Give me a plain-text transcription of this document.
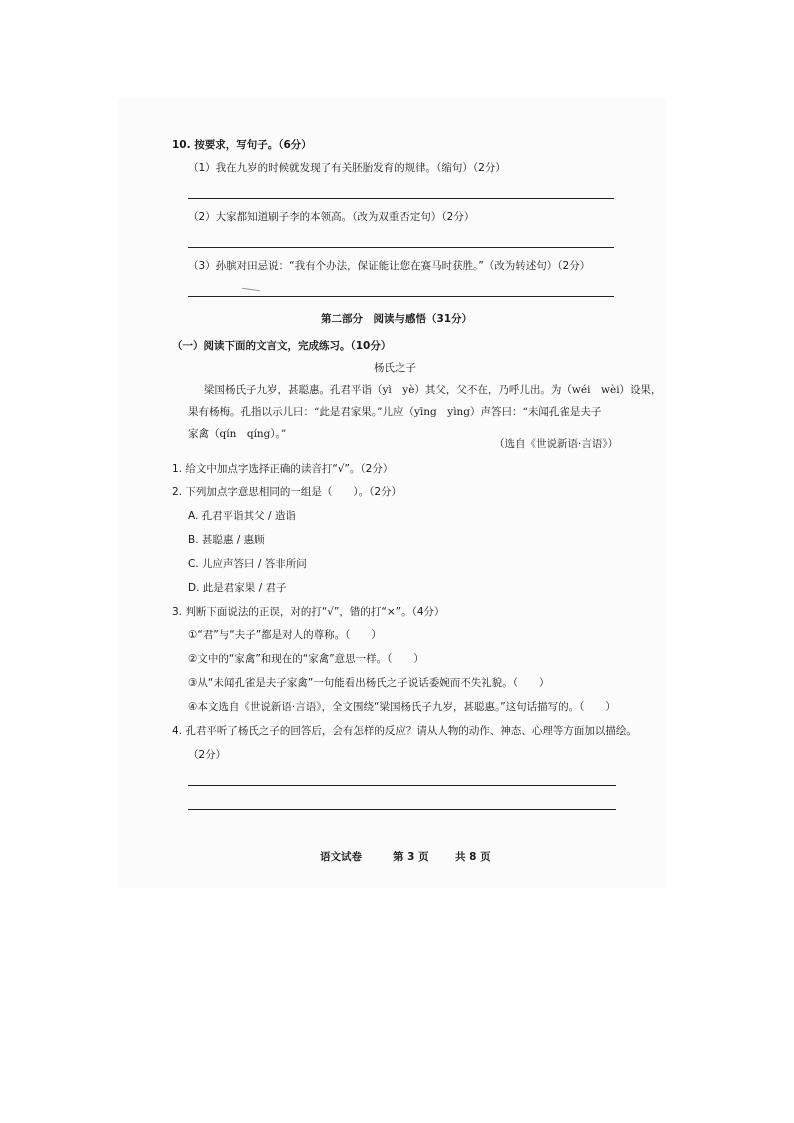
10. 按要求，写句子。（6分）
（1）我在九岁的时候就发现了有关胚胎发育的规律。（缩句）（2分）
（2）大家都知道刷子李的本领高。（改为双重否定句）（2分）
（3）孙膑对田忌说：“我有个办法，保证能让您在赛马时获胜。”（改为转述句）（2分）
第二部分　阅读与感悟（31分）
（一）阅读下面的文言文，完成练习。（10分）
杨氏之子
梁国杨氏子九岁，甚聪惠。孔君平诣（yì　yè）其父，父不在，乃呼儿出。为（wéi　wèi）设果，
果有杨梅。孔指以示儿曰：“此是君家果。”儿应（yīng　yìng）声答曰：“未闻孔雀是夫子
家禽（qín　qíng）。”
（选自《世说新语·言语》）
1. 给文中加点字选择正确的读音打“√”。（2分）
2. 下列加点字意思相同的一组是（　　）。（2分）
A. 孔君平诣其父 / 造诣
B. 甚聪惠 / 惠顾
C. 儿应声答曰 / 答非所问
D. 此是君家果 / 君子
3. 判断下面说法的正误，对的打“√”，错的打“×”。（4分）
①“君”与“夫子”都是对人的尊称。（　　）
②文中的“家禽”和现在的“家禽”意思一样。（　　）
③从“未闻孔雀是夫子家禽”一句能看出杨氏之子说话委婉而不失礼貌。（　　）
④本文选自《世说新语·言语》，全文围绕“梁国杨氏子九岁，甚聪惠。”这句话描写的。（　　）
4. 孔君平听了杨氏之子的回答后，会有怎样的反应？请从人物的动作、神态、心理等方面加以描绘。
（2分）
语文试卷	第 3 页	共 8 页
